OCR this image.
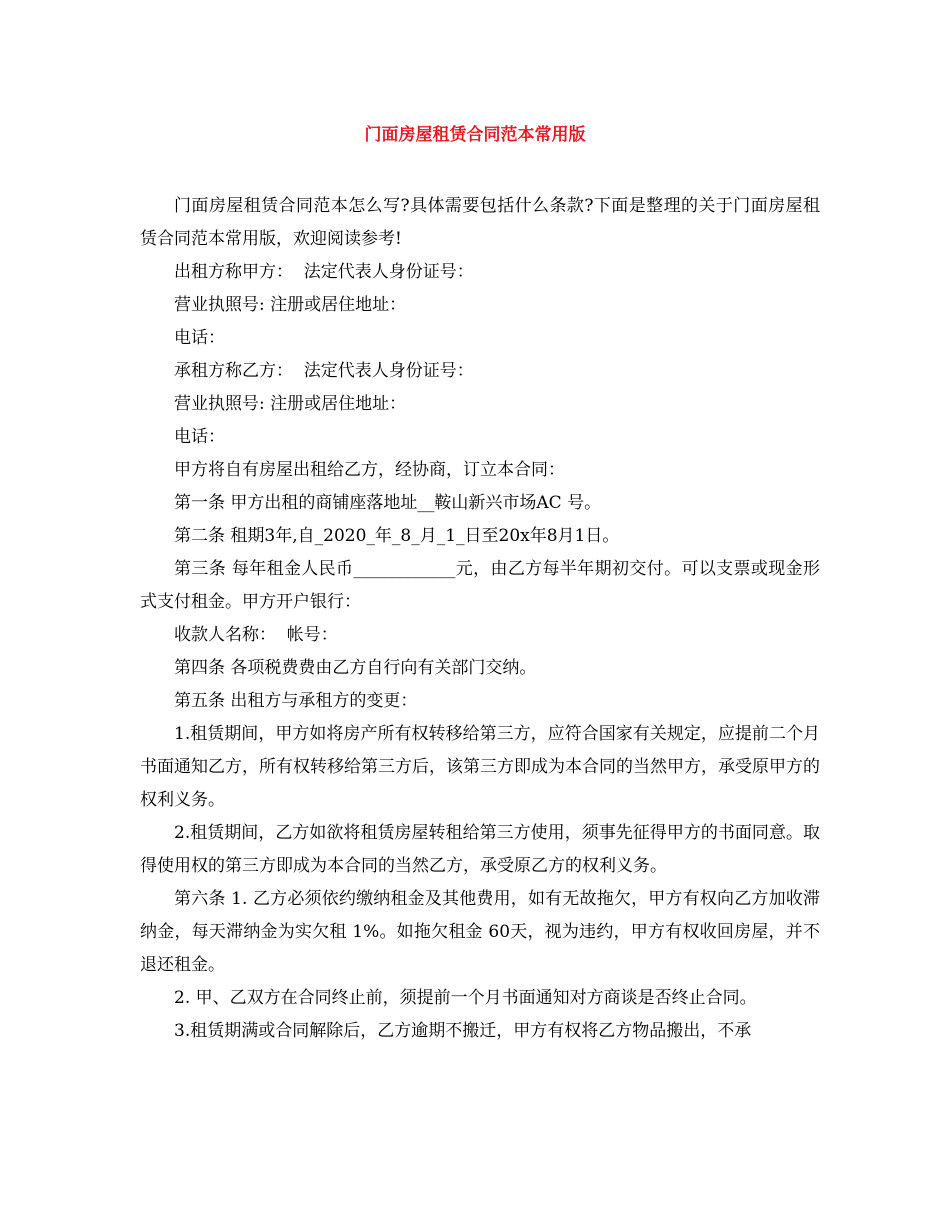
门面房屋租赁合同范本常用版

门面房屋租赁合同范本怎么写?具体需要包括什么条款?下面是整理的关于门面房屋租赁合同范本常用版，欢迎阅读参考!

出租方称甲方：  法定代表人身份证号：

营业执照号: 注册或居住地址：

电话：

承租方称乙方：  法定代表人身份证号：

营业执照号: 注册或居住地址：

电话：

甲方将自有房屋出租给乙方，经协商，订立本合同：

第一条 甲方出租的商铺座落地址__鞍山新兴市场AC 号。

第二条 租期3年,自_2020_年_8_月_1_日至20x年8月1日。

第三条 每年租金人民币____________元，由乙方每半年期初交付。可以支票或现金形式支付租金。甲方开户银行：

收款人名称：  帐号：

第四条 各项税费费由乙方自行向有关部门交纳。

第五条 出租方与承租方的变更：

1.租赁期间，甲方如将房产所有权转移给第三方，应符合国家有关规定，应提前二个月书面通知乙方，所有权转移给第三方后，该第三方即成为本合同的当然甲方，承受原甲方的权利义务。

2.租赁期间，乙方如欲将租赁房屋转租给第三方使用，须事先征得甲方的书面同意。取得使用权的第三方即成为本合同的当然乙方，承受原乙方的权利义务。

第六条 1. 乙方必须依约缴纳租金及其他费用，如有无故拖欠，甲方有权向乙方加收滞纳金，每天滞纳金为实欠租 1%。如拖欠租金 60天，视为违约，甲方有权收回房屋，并不退还租金。

2. 甲、乙双方在合同终止前，须提前一个月书面通知对方商谈是否终止合同。

3.租赁期满或合同解除后，乙方逾期不搬迁，甲方有权将乙方物品搬出，不承
